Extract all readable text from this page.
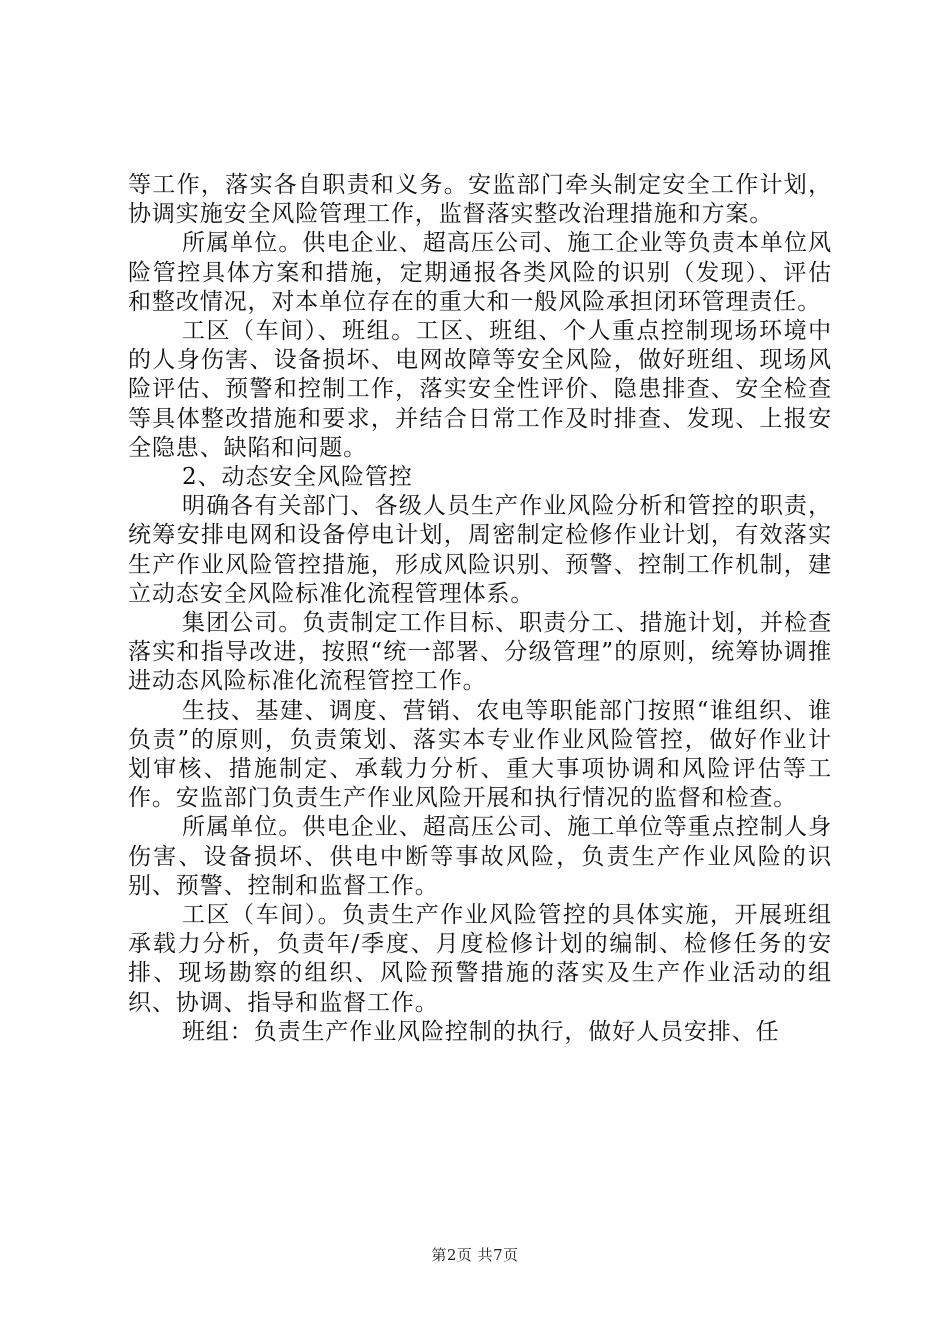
等工作，落实各自职责和义务。安监部门牵头制定安全工作计划，协调实施安全风险管理工作，监督落实整改治理措施和方案。

所属单位。供电企业、超高压公司、施工企业等负责本单位风险管控具体方案和措施，定期通报各类风险的识别（发现）、评估和整改情况，对本单位存在的重大和一般风险承担闭环管理责任。

工区（车间）、班组。工区、班组、个人重点控制现场环境中的人身伤害、设备损坏、电网故障等安全风险，做好班组、现场风险评估、预警和控制工作，落实安全性评价、隐患排查、安全检查等具体整改措施和要求，并结合日常工作及时排查、发现、上报安全隐患、缺陷和问题。

2、动态安全风险管控

明确各有关部门、各级人员生产作业风险分析和管控的职责，统筹安排电网和设备停电计划，周密制定检修作业计划，有效落实生产作业风险管控措施，形成风险识别、预警、控制工作机制，建立动态安全风险标准化流程管理体系。

集团公司。负责制定工作目标、职责分工、措施计划，并检查落实和指导改进，按照“统一部署、分级管理”的原则，统筹协调推进动态风险标准化流程管控工作。

生技、基建、调度、营销、农电等职能部门按照“谁组织、谁负责”的原则，负责策划、落实本专业作业风险管控，做好作业计划审核、措施制定、承载力分析、重大事项协调和风险评估等工作。安监部门负责生产作业风险开展和执行情况的监督和检查。

所属单位。供电企业、超高压公司、施工单位等重点控制人身伤害、设备损坏、供电中断等事故风险，负责生产作业风险的识别、预警、控制和监督工作。

工区（车间）。负责生产作业风险管控的具体实施，开展班组承载力分析，负责年/季度、月度检修计划的编制、检修任务的安排、现场勘察的组织、风险预警措施的落实及生产作业活动的组织、协调、指导和监督工作。

班组：负责生产作业风险控制的执行，做好人员安排、任

第2页 共7页
